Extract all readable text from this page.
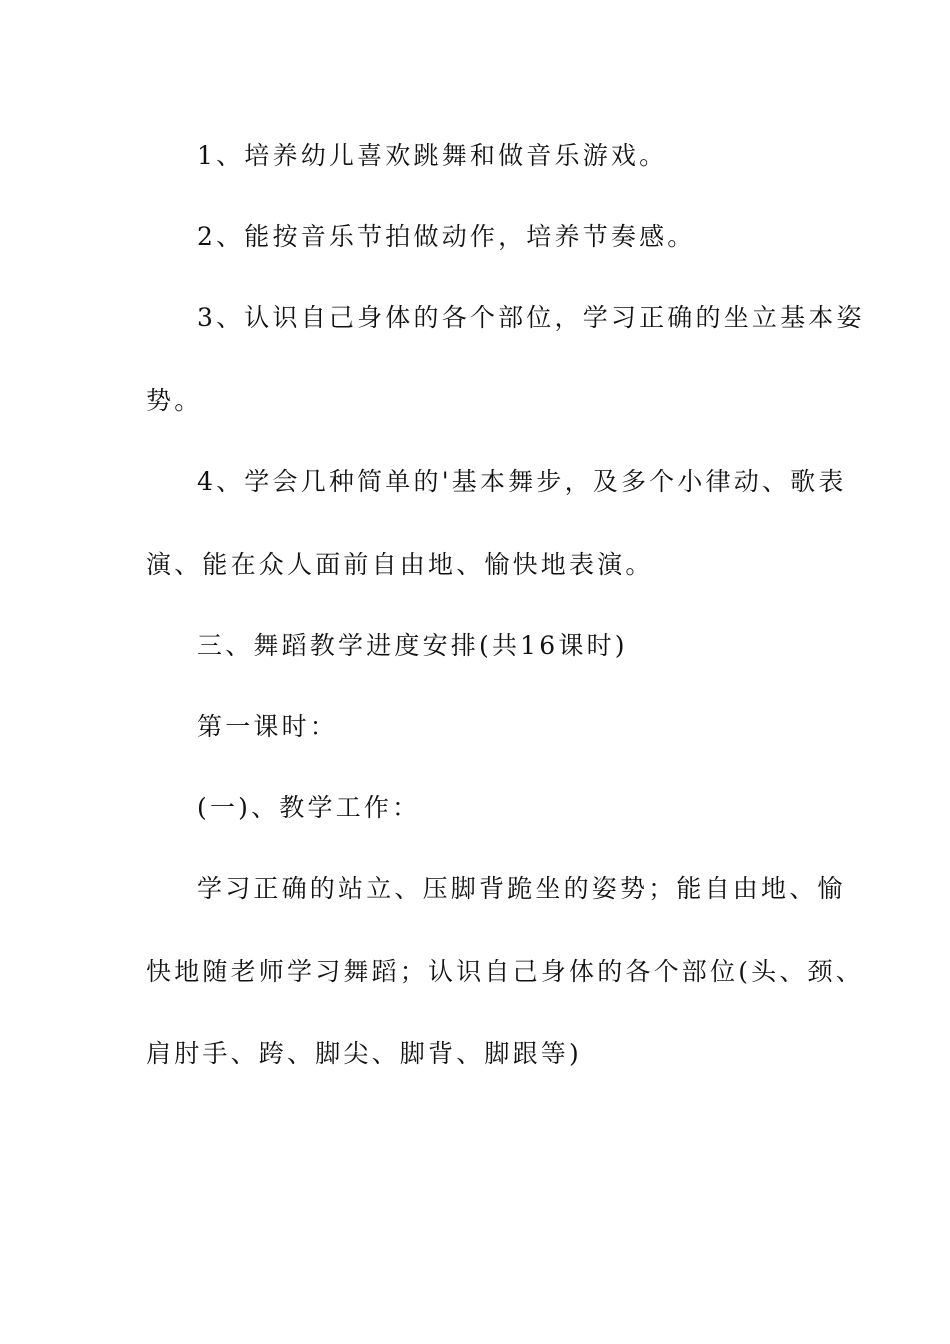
1、培养幼儿喜欢跳舞和做音乐游戏。
2、能按音乐节拍做动作，培养节奏感。
3、认识自己身体的各个部位，学习正确的坐立基本姿
势。
4、学会几种简单的'基本舞步，及多个小律动、歌表
演、能在众人面前自由地、愉快地表演。
三、舞蹈教学进度安排(共16课时)
第一课时：
(一)、教学工作：
学习正确的站立、压脚背跪坐的姿势；能自由地、愉
快地随老师学习舞蹈；认识自己身体的各个部位(头、颈、
肩肘手、跨、脚尖、脚背、脚跟等)
